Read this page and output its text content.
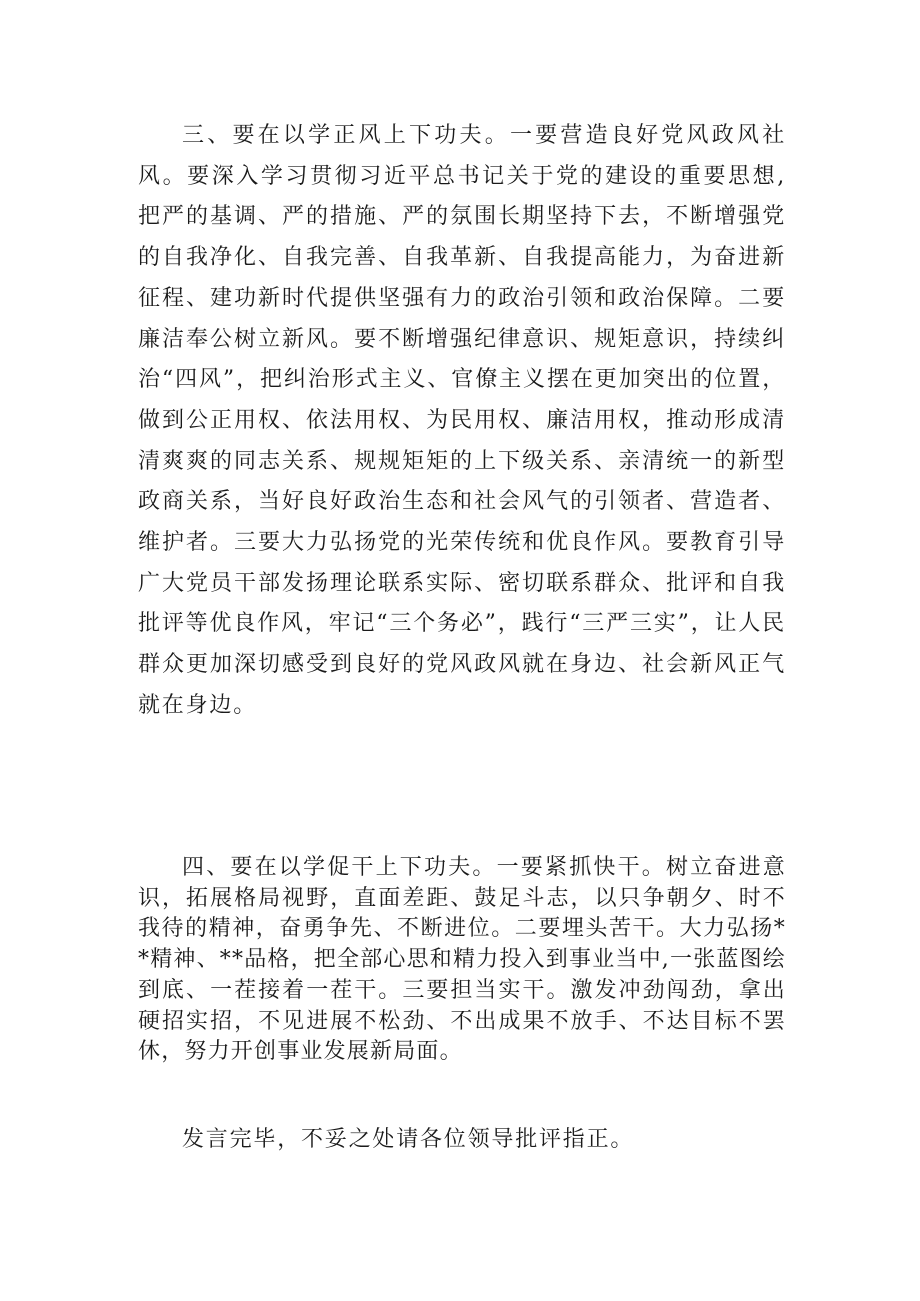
三、要在以学正风上下功夫。一要营造良好党风政风社风。要深入学习贯彻习近平总书记关于党的建设的重要思想,把严的基调、严的措施、严的氛围长期坚持下去，不断增强党的自我净化、自我完善、自我革新、自我提高能力，为奋进新征程、建功新时代提供坚强有力的政治引领和政治保障。二要廉洁奉公树立新风。要不断增强纪律意识、规矩意识，持续纠治“四风”，把纠治形式主义、官僚主义摆在更加突出的位置，做到公正用权、依法用权、为民用权、廉洁用权，推动形成清清爽爽的同志关系、规规矩矩的上下级关系、亲清统一的新型政商关系，当好良好政治生态和社会风气的引领者、营造者、维护者。三要大力弘扬党的光荣传统和优良作风。要教育引导广大党员干部发扬理论联系实际、密切联系群众、批评和自我批评等优良作风，牢记“三个务必”，践行“三严三实”，让人民群众更加深切感受到良好的党风政风就在身边、社会新风正气就在身边。

四、要在以学促干上下功夫。一要紧抓快干。树立奋进意识，拓展格局视野，直面差距、鼓足斗志，以只争朝夕、时不我待的精神，奋勇争先、不断进位。二要埋头苦干。大力弘扬**精神、**品格，把全部心思和精力投入到事业当中,一张蓝图绘到底、一茬接着一茬干。三要担当实干。激发冲劲闯劲，拿出硬招实招，不见进展不松劲、不出成果不放手、不达目标不罢休，努力开创事业发展新局面。

发言完毕，不妥之处请各位领导批评指正。
